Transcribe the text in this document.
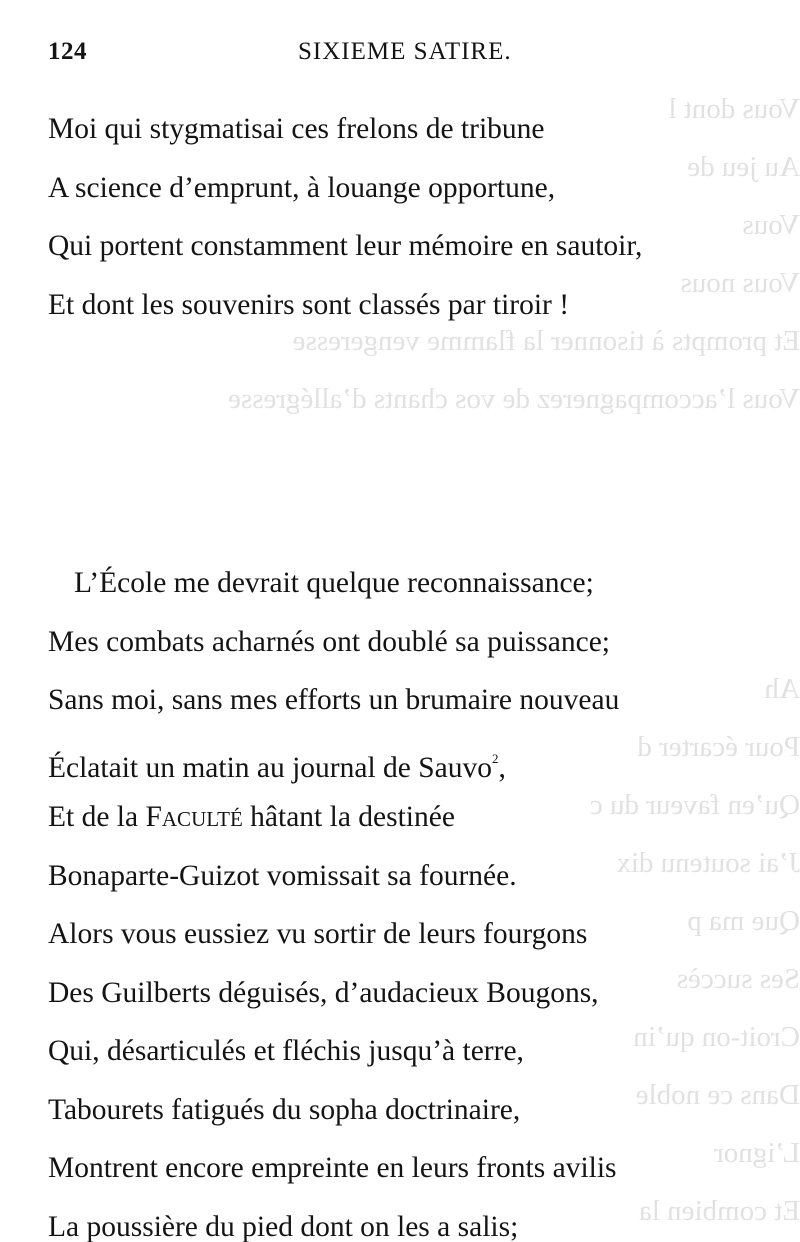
Vous dont l
Au jeu de
Vous
Vous nous
Et prompts à tisonner la flamme vengeresse
Vous l’accompagnerez de vos chants d’allégresse

Ah
Pour écarter d
Qu’en faveur du c
J’ai soutenu dix
Que ma p
Ses succès
Croit-on qu’in
Dans ce noble
L’ignor
Et combien la
124	SIXIEME SATIRE.
Moi qui stygmatisai ces frelons de tribune
A science d’emprunt, à louange opportune,
Qui portent constamment leur mémoire en sautoir,
Et dont les souvenirs sont classés par tiroir !
L’École me devrait quelque reconnaissance;
Mes combats acharnés ont doublé sa puissance;
Sans moi, sans mes efforts un brumaire nouveau
Éclatait un matin au journal de Sauvo$^2$,
Et de la Faculté hâtant la destinée
Bonaparte-Guizot vomissait sa fournée.
Alors vous eussiez vu sortir de leurs fourgons
Des Guilberts déguisés, d’audacieux Bougons,
Qui, désarticulés et fléchis jusqu’à terre,
Tabourets fatigués du sopha doctrinaire,
Montrent encore empreinte en leurs fronts avilis
La poussière du pied dont on les a salis;
